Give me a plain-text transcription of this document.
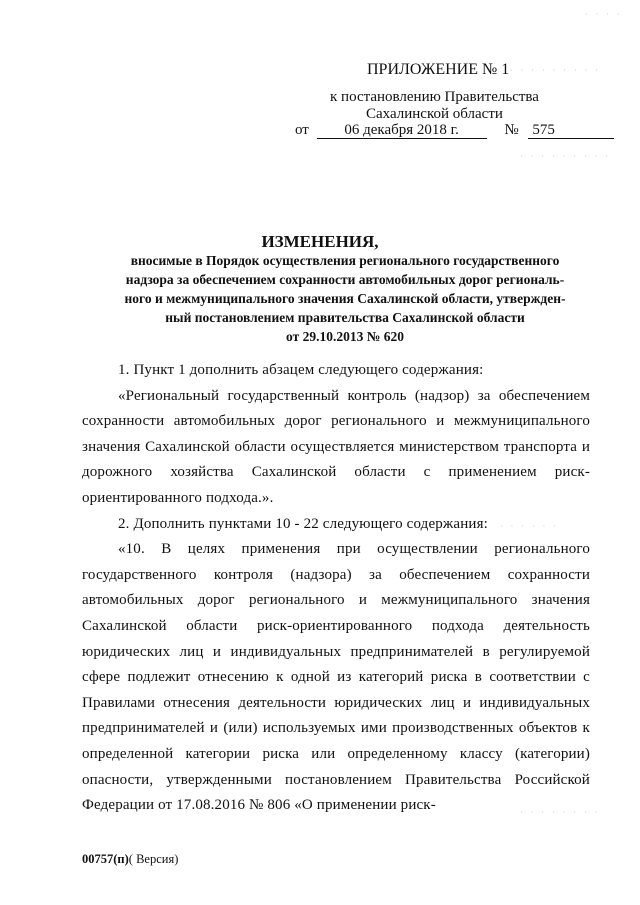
· · · ·
· · · · · · · · ·
· · · · · · · · ·
· · · · · ·
· · · · · · · ·
ПРИЛОЖЕНИЕ № 1
к постановлению Правительства
Сахалинской области
от 06 декабря 2018 г.	№ 575
ИЗМЕНЕНИЯ,
вносимые в Порядок осуществления регионального государственного
надзора за обеспечением сохранности автомобильных дорог региональ-
ного и межмуниципального значения Сахалинской области, утвержден-
ный постановлением правительства Сахалинской области
от 29.10.2013 № 620

1. Пункт 1 дополнить абзацем следующего содержания:

«Региональный государственный контроль (надзор) за обеспечением сохранности автомобильных дорог регионального и межмуниципального значения Сахалинской области осуществляется министерством транспорта и дорожного хозяйства Сахалинской области с применением риск-ориентированного подхода.».

2. Дополнить пунктами 10 - 22 следующего содержания:

«10. В целях применения при осуществлении регионального государственного контроля (надзора) за обеспечением сохранности автомобильных дорог регионального и межмуниципального значения Сахалинской области риск-ориентированного подхода деятельность юридических лиц и индивидуальных предпринимателей в регулируемой сфере подлежит отнесению к одной из категорий риска в соответствии с Правилами отнесения деятельности юридических лиц и индивидуальных предпринимателей и (или) используемых ими производственных объектов к определенной категории риска или определенному классу (категории) опасности, утвержденными постановлением Правительства Российской Федерации от 17.08.2016 № 806 «О применении риск-

00757(п)( Версия)
